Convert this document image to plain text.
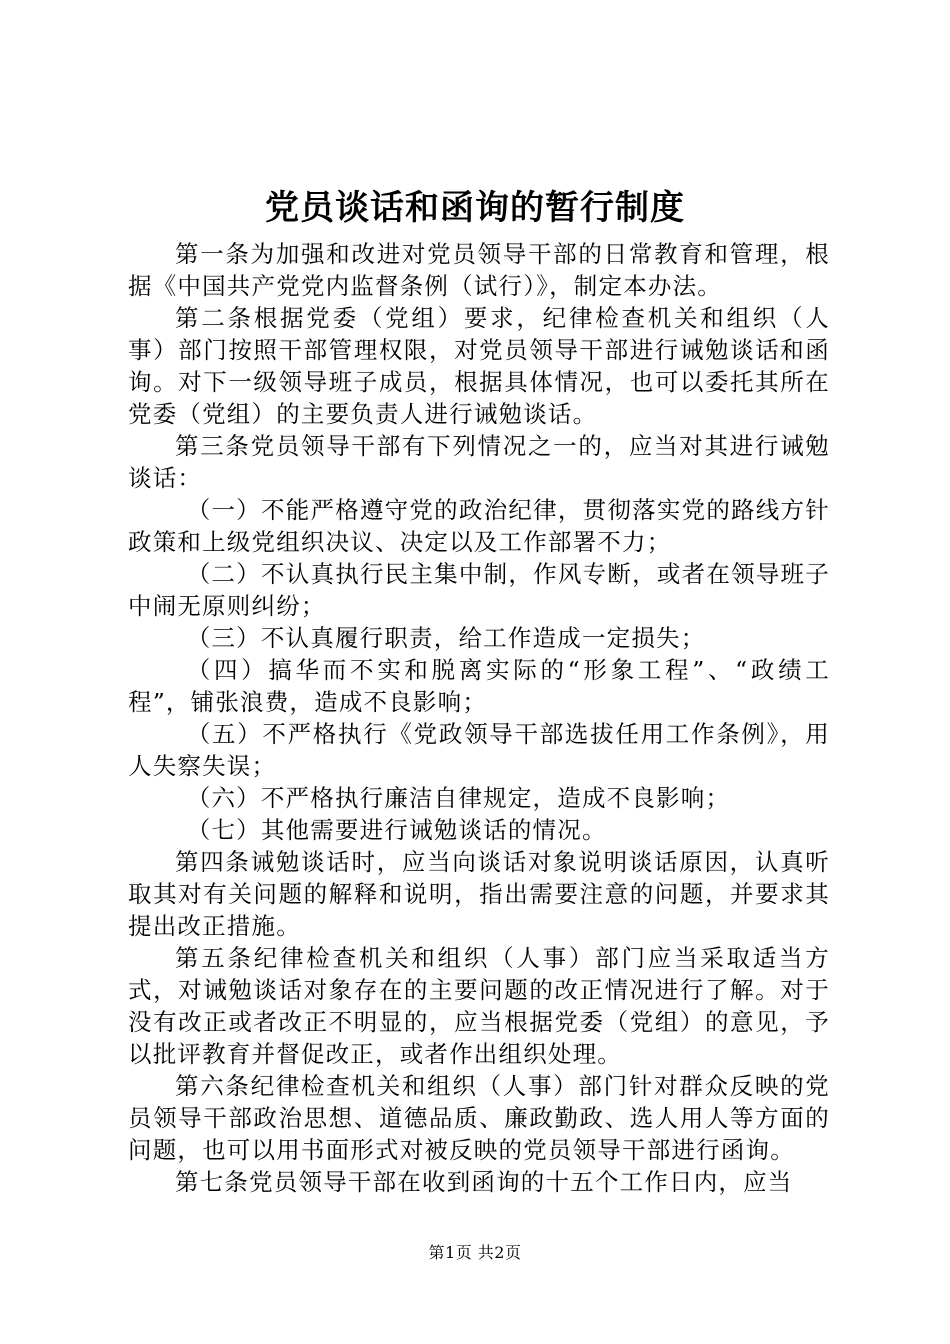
党员谈话和函询的暂行制度

第一条为加强和改进对党员领导干部的日常教育和管理，根据《中国共产党党内监督条例（试行）》，制定本办法。

第二条根据党委（党组）要求，纪律检查机关和组织（人事）部门按照干部管理权限，对党员领导干部进行诫勉谈话和函询。对下一级领导班子成员，根据具体情况，也可以委托其所在党委（党组）的主要负责人进行诫勉谈话。

第三条党员领导干部有下列情况之一的，应当对其进行诫勉谈话：

（一）不能严格遵守党的政治纪律，贯彻落实党的路线方针政策和上级党组织决议、决定以及工作部署不力；

（二）不认真执行民主集中制，作风专断，或者在领导班子中闹无原则纠纷；

（三）不认真履行职责，给工作造成一定损失；

（四）搞华而不实和脱离实际的“形象工程”、“政绩工程”，铺张浪费，造成不良影响；

（五）不严格执行《党政领导干部选拔任用工作条例》，用人失察失误；

（六）不严格执行廉洁自律规定，造成不良影响；

（七）其他需要进行诫勉谈话的情况。

第四条诫勉谈话时，应当向谈话对象说明谈话原因，认真听取其对有关问题的解释和说明，指出需要注意的问题，并要求其提出改正措施。

第五条纪律检查机关和组织（人事）部门应当采取适当方式，对诫勉谈话对象存在的主要问题的改正情况进行了解。对于没有改正或者改正不明显的，应当根据党委（党组）的意见，予以批评教育并督促改正，或者作出组织处理。

第六条纪律检查机关和组织（人事）部门针对群众反映的党员领导干部政治思想、道德品质、廉政勤政、选人用人等方面的问题，也可以用书面形式对被反映的党员领导干部进行函询。

第七条党员领导干部在收到函询的十五个工作日内，应当

第1页 共2页
